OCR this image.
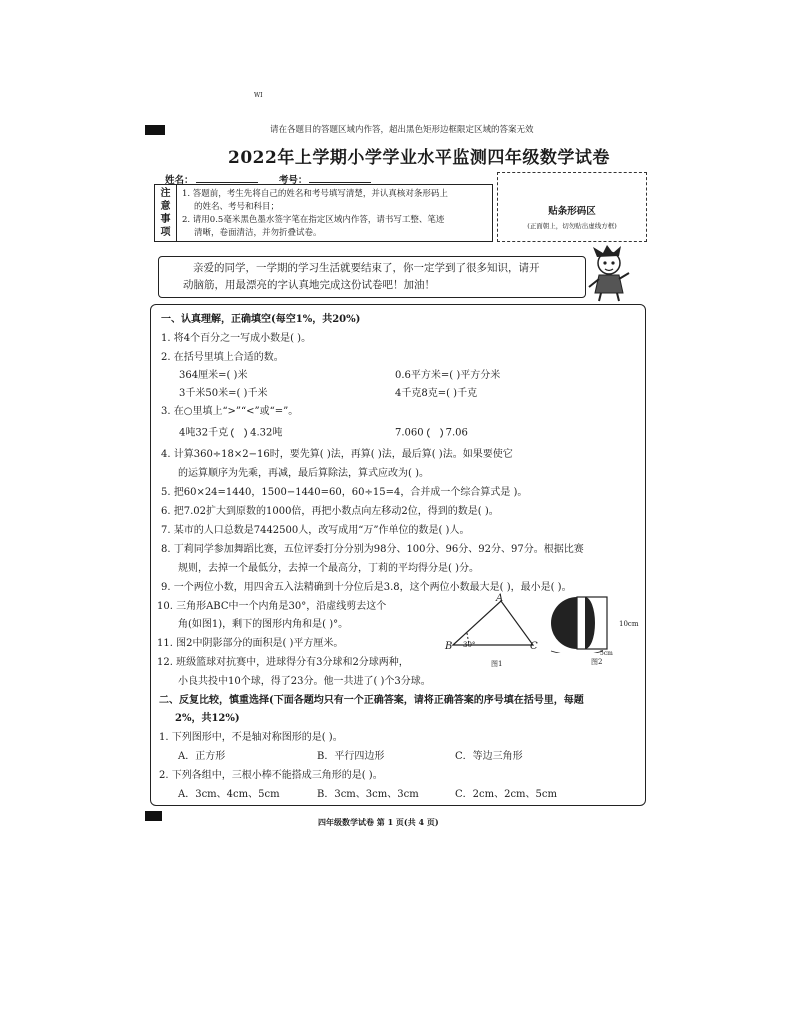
WI
请在各题目的答题区域内作答，超出黑色矩形边框限定区域的答案无效
2022年上学期小学学业水平监测四年级数学试卷
姓名：	考号：
注
意
事
项
1. 答题前，考生先将自己的姓名和考号填写清楚，并认真核对条形码上
的姓名、考号和科目；
2. 请用0.5毫米黑色墨水签字笔在指定区域内作答，请书写工整、笔迹
清晰，卷面清洁，并勿折叠试卷。
贴条形码区
(正面朝上，切勿贴出虚线方框)
亲爱的同学，一学期的学习生活就要结束了，你一定学到了很多知识，请开
动脑筋，用最漂亮的字认真地完成这份试卷吧！加油！
一、认真理解，正确填空(每空1%，共20%)
1. 将4个百分之一写成小数是( )。
2. 在括号里填上合适的数。
364厘米=( )米	0.6平方米=( )平方分米
3千米50米=( )千米	4千克8克=( )千克
3. 在○里填上“>”“<”或“=”。
4吨32千克 4.32吨	7.060 7.06
4. 计算360÷18×2−16时，要先算( )法，再算( )法，最后算( )法。如果要使它
的运算顺序为先乘，再减，最后算除法，算式应改为( )。
5. 把60×24=1440，1500−1440=60，60÷15=4，合并成一个综合算式是 )。
6. 把7.02扩大到原数的1000倍，再把小数点向左移动2位，得到的数是( )。
7. 某市的人口总数是7442500人，改写成用“万”作单位的数是( )人。
8. 丁莉同学参加舞蹈比赛，五位评委打分分别为98分、100分、96分、92分、97分。根据比赛
规则，去掉一个最低分，去掉一个最高分，丁莉的平均得分是( )分。
9. 一个两位小数，用四舍五入法精确到十分位后是3.8，这个两位小数最大是( )，最小是( )。
10. 三角形ABC中一个内角是30°，沿虚线剪去这个
角(如图1)，剩下的图形内角和是( )°。
11. 图2中阴影部分的面积是( )平方厘米。
12. 班级篮球对抗赛中，进球得分有3分球和2分球两种，
小良共投中10个球，得了23分。他一共进了( )个3分球。
A
B	C
30°
图1
10cm
5cm
图2
二、反复比较，慎重选择(下面各题均只有一个正确答案，请将正确答案的序号填在括号里，每题
2%，共12%)
1. 下列图形中，不是轴对称图形的是( )。
A．正方形	B．平行四边形	C．等边三角形
2. 下列各组中，三根小棒不能搭成三角形的是( )。
A．3cm、4cm、5cm	B．3cm、3cm、3cm	C．2cm、2cm、5cm
四年级数学试卷 第 1 页(共 4 页)
